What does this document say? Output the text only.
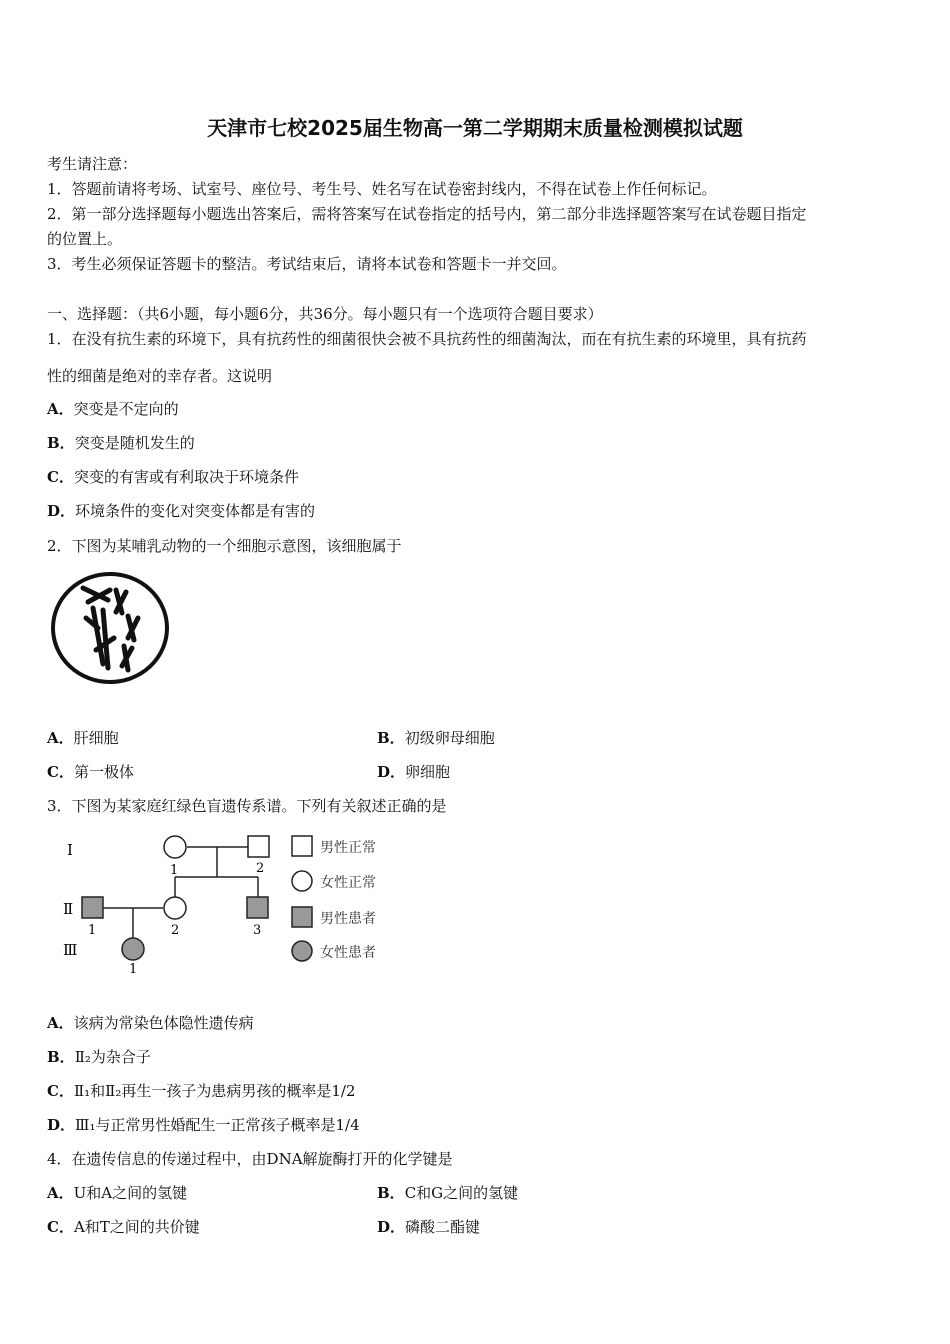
天津市七校2025届生物高一第二学期期末质量检测模拟试题
考生请注意：
1．答题前请将考场、试室号、座位号、考生号、姓名写在试卷密封线内，不得在试卷上作任何标记。
2．第一部分选择题每小题选出答案后，需将答案写在试卷指定的括号内，第二部分非选择题答案写在试卷题目指定
的位置上。
3．考生必须保证答题卡的整洁。考试结束后，请将本试卷和答题卡一并交回。
一、选择题：（共6小题，每小题6分，共36分。每小题只有一个选项符合题目要求）
1．在没有抗生素的环境下，具有抗药性的细菌很快会被不具抗药性的细菌淘汰，而在有抗生素的环境里，具有抗药
性的细菌是绝对的幸存者。这说明
A．突变是不定向的
B．突变是随机发生的
C．突变的有害或有利取决于环境条件
D．环境条件的变化对突变体都是有害的
2．下图为某哺乳动物的一个细胞示意图，该细胞属于
A．肝细胞	B．初级卵母细胞
C．第一极体	D．卵细胞
3．下图为某家庭红绿色盲遗传系谱。下列有关叙述正确的是
I
Ⅱ
Ⅲ
1	2
1	2	3
1
男性正常
女性正常
男性患者
女性患者
A．该病为常染色体隐性遗传病
B．Ⅱ₂为杂合子
C．Ⅱ₁和Ⅱ₂再生一孩子为患病男孩的概率是1/2
D．Ⅲ₁与正常男性婚配生一正常孩子概率是1/4
4．在遗传信息的传递过程中，由DNA解旋酶打开的化学键是
A．U和A之间的氢键	B．C和G之间的氢键
C．A和T之间的共价键	D．磷酸二酯键
